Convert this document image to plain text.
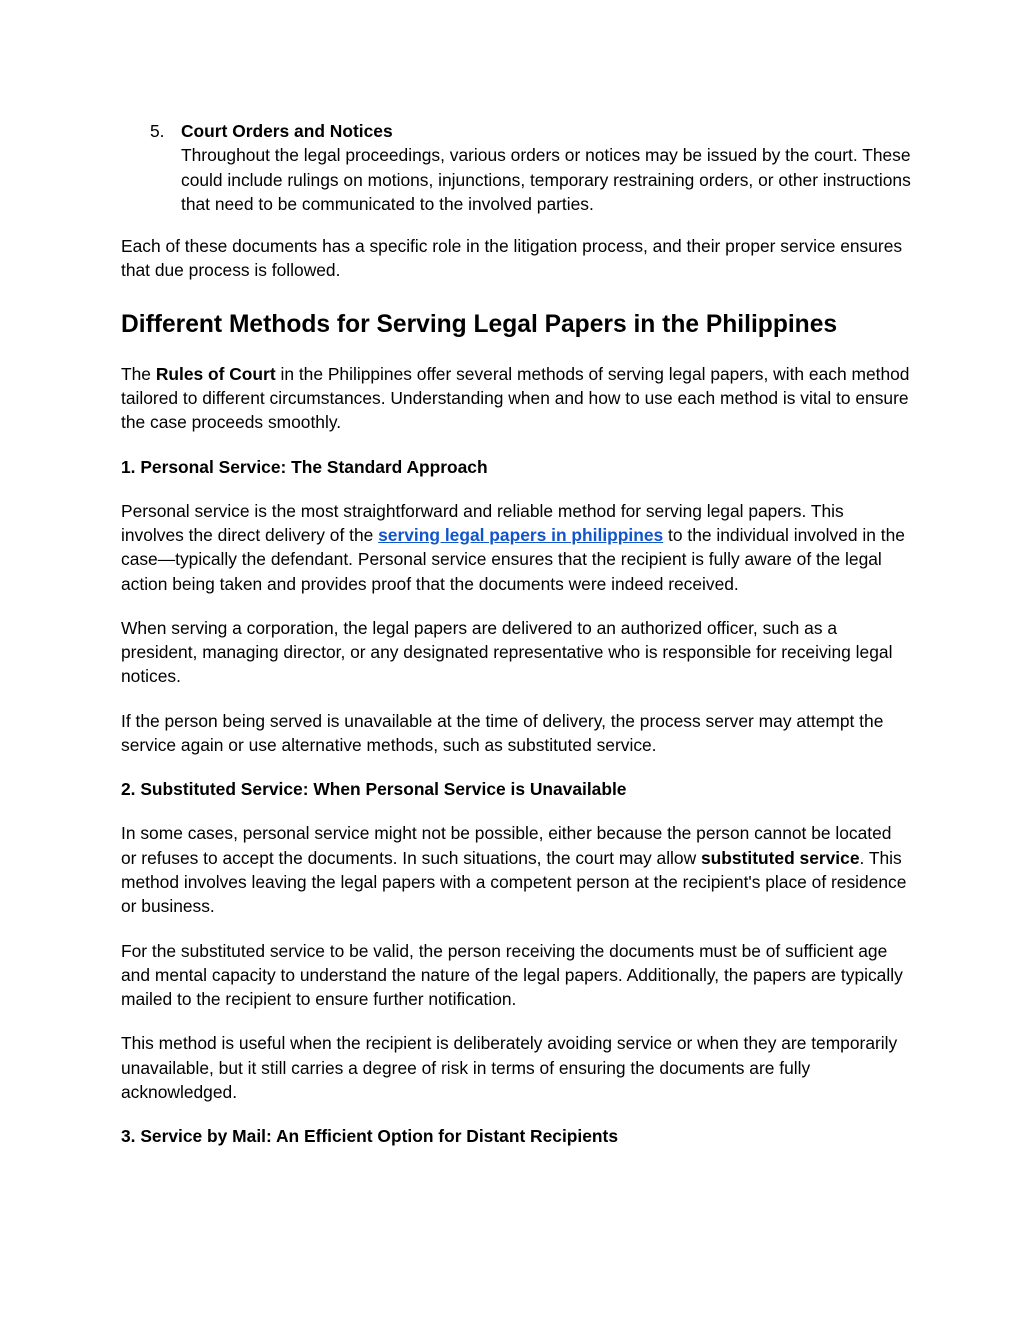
5. Court Orders and Notices
Throughout the legal proceedings, various orders or notices may be issued by the court. These could include rulings on motions, injunctions, temporary restraining orders, or other instructions that need to be communicated to the involved parties.

Each of these documents has a specific role in the litigation process, and their proper service ensures that due process is followed.

Different Methods for Serving Legal Papers in the Philippines

The Rules of Court in the Philippines offer several methods of serving legal papers, with each method tailored to different circumstances. Understanding when and how to use each method is vital to ensure the case proceeds smoothly.

1. Personal Service: The Standard Approach

Personal service is the most straightforward and reliable method for serving legal papers. This involves the direct delivery of the serving legal papers in philippines to the individual involved in the case—typically the defendant. Personal service ensures that the recipient is fully aware of the legal action being taken and provides proof that the documents were indeed received.

When serving a corporation, the legal papers are delivered to an authorized officer, such as a president, managing director, or any designated representative who is responsible for receiving legal notices.

If the person being served is unavailable at the time of delivery, the process server may attempt the service again or use alternative methods, such as substituted service.

2. Substituted Service: When Personal Service is Unavailable

In some cases, personal service might not be possible, either because the person cannot be located or refuses to accept the documents. In such situations, the court may allow substituted service. This method involves leaving the legal papers with a competent person at the recipient's place of residence or business.

For the substituted service to be valid, the person receiving the documents must be of sufficient age and mental capacity to understand the nature of the legal papers. Additionally, the papers are typically mailed to the recipient to ensure further notification.

This method is useful when the recipient is deliberately avoiding service or when they are temporarily unavailable, but it still carries a degree of risk in terms of ensuring the documents are fully acknowledged.

3. Service by Mail: An Efficient Option for Distant Recipients
